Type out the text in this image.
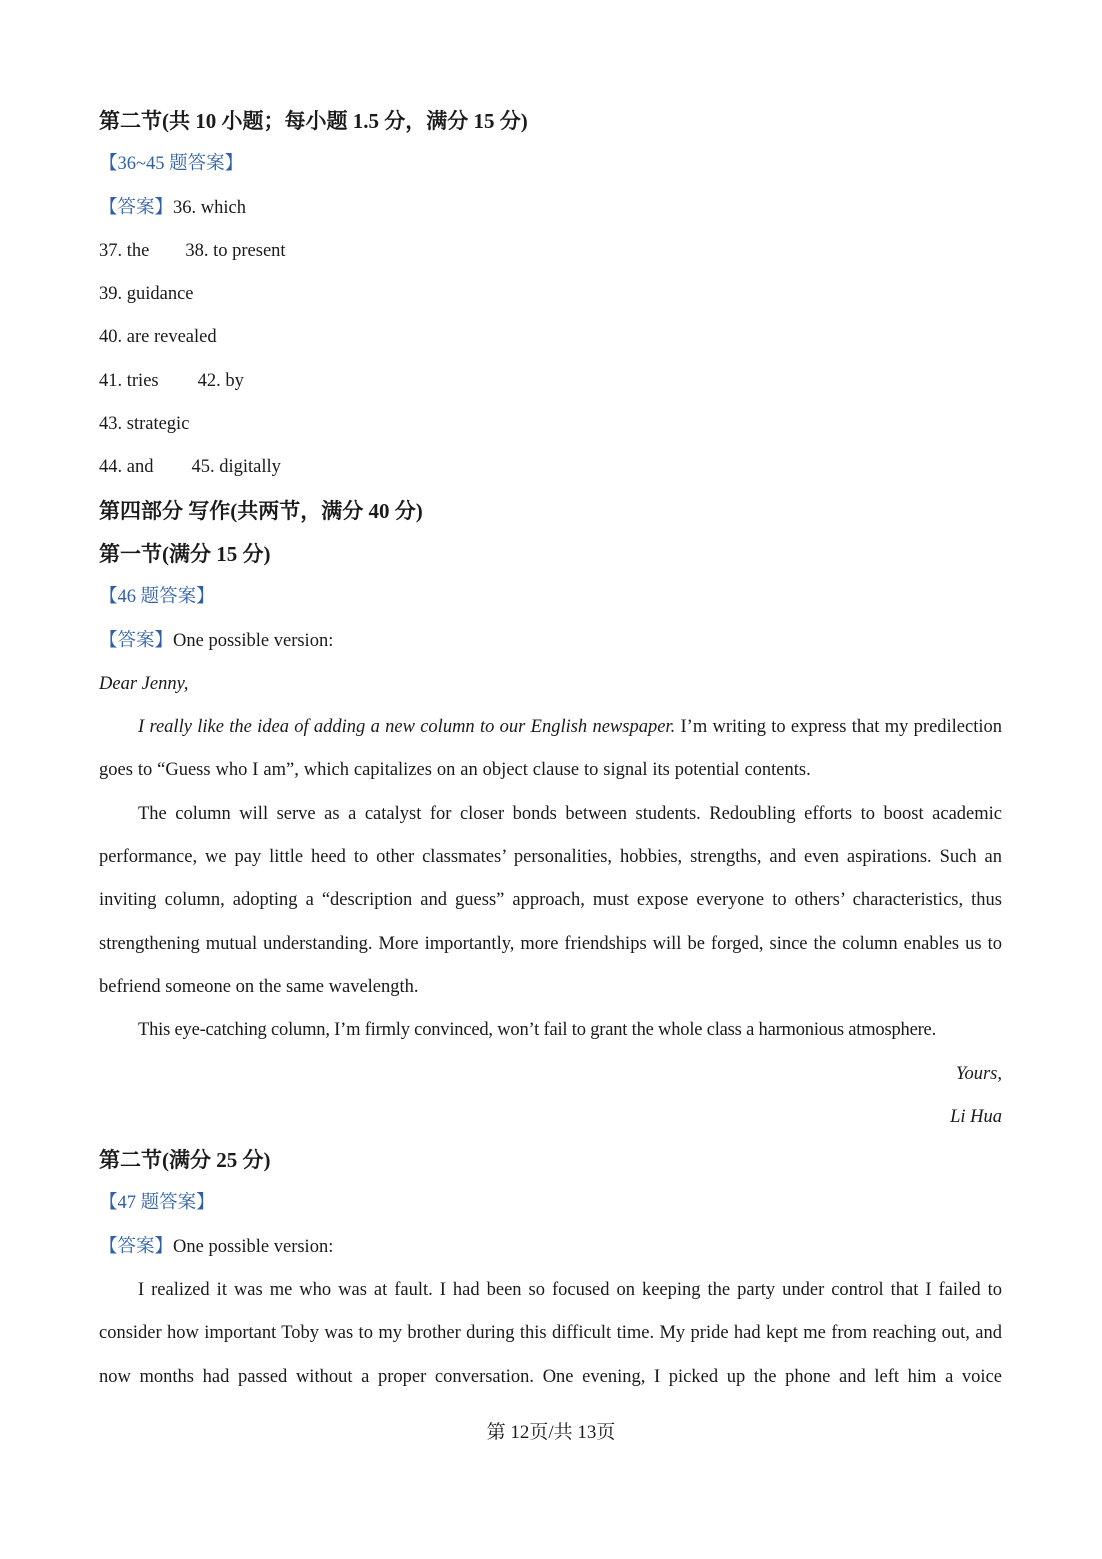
第二节(共 10 小题；每小题 1.5 分，满分 15 分)
【36~45 题答案】
【答案】36. which
37. the 38. to present
39. guidance
40. are revealed
41. tries 42. by
43. strategic
44. and 45. digitally
第四部分 写作(共两节，满分 40 分)
第一节(满分 15 分)
【46 题答案】
【答案】One possible version:
Dear Jenny,

I really like the idea of adding a new column to our English newspaper. I’m writing to express that my predilection goes to “Guess who I am”, which capitalizes on an object clause to signal its potential contents.

The column will serve as a catalyst for closer bonds between students. Redoubling efforts to boost academic performance, we pay little heed to other classmates’ personalities, hobbies, strengths, and even aspirations. Such an inviting column, adopting a “description and guess” approach, must expose everyone to others’ characteristics, thus strengthening mutual understanding. More importantly, more friendships will be forged, since the column enables us to befriend someone on the same wavelength.

This eye-catching column, I’m firmly convinced, won’t fail to grant the whole class a harmonious atmosphere.

Yours,
Li Hua
第二节(满分 25 分)
【47 题答案】
【答案】One possible version:

I realized it was me who was at fault. I had been so focused on keeping the party under control that I failed to consider how important Toby was to my brother during this difficult time. My pride had kept me from reaching out, and now months had passed without a proper conversation. One evening, I picked up the phone and left him a voice

第 12页/共 13页
